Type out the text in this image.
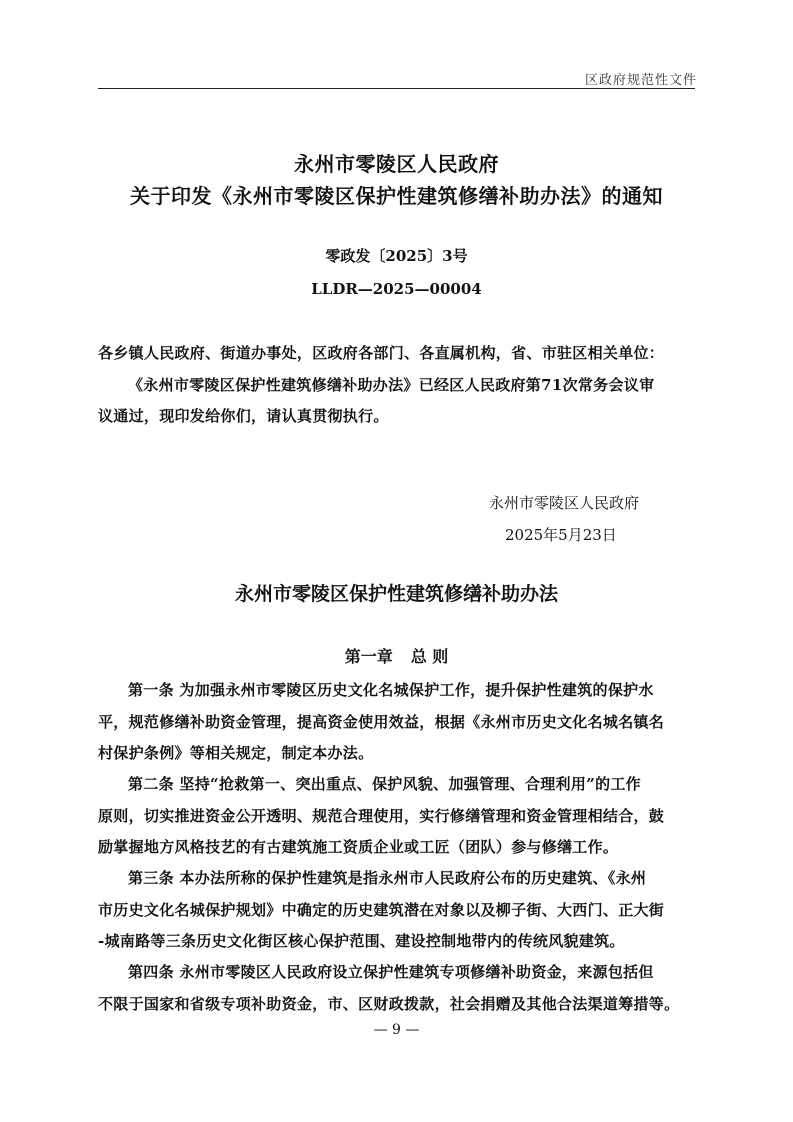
区政府规范性文件
永州市零陵区人民政府
关于印发《永州市零陵区保护性建筑修缮补助办法》的通知
零政发〔2025〕3号
LLDR—2025—00004
各乡镇人民政府、街道办事处，区政府各部门、各直属机构，省、市驻区相关单位：
《永州市零陵区保护性建筑修缮补助办法》已经区人民政府第71次常务会议审
议通过，现印发给你们，请认真贯彻执行。
永州市零陵区人民政府
2025年5月23日
永州市零陵区保护性建筑修缮补助办法
第一章 总 则
第一条 为加强永州市零陵区历史文化名城保护工作，提升保护性建筑的保护水
平，规范修缮补助资金管理，提高资金使用效益，根据《永州市历史文化名城名镇名
村保护条例》等相关规定，制定本办法。
第二条 坚持“抢救第一、突出重点、保护风貌、加强管理、合理利用”的工作
原则，切实推进资金公开透明、规范合理使用，实行修缮管理和资金管理相结合，鼓
励掌握地方风格技艺的有古建筑施工资质企业或工匠（团队）参与修缮工作。
第三条 本办法所称的保护性建筑是指永州市人民政府公布的历史建筑、《永州
市历史文化名城保护规划》中确定的历史建筑潜在对象以及柳子街、大西门、正大街
-城南路等三条历史文化街区核心保护范围、建设控制地带内的传统风貌建筑。
第四条 永州市零陵区人民政府设立保护性建筑专项修缮补助资金，来源包括但
不限于国家和省级专项补助资金，市、区财政拨款，社会捐赠及其他合法渠道筹措等。
— 9 —
